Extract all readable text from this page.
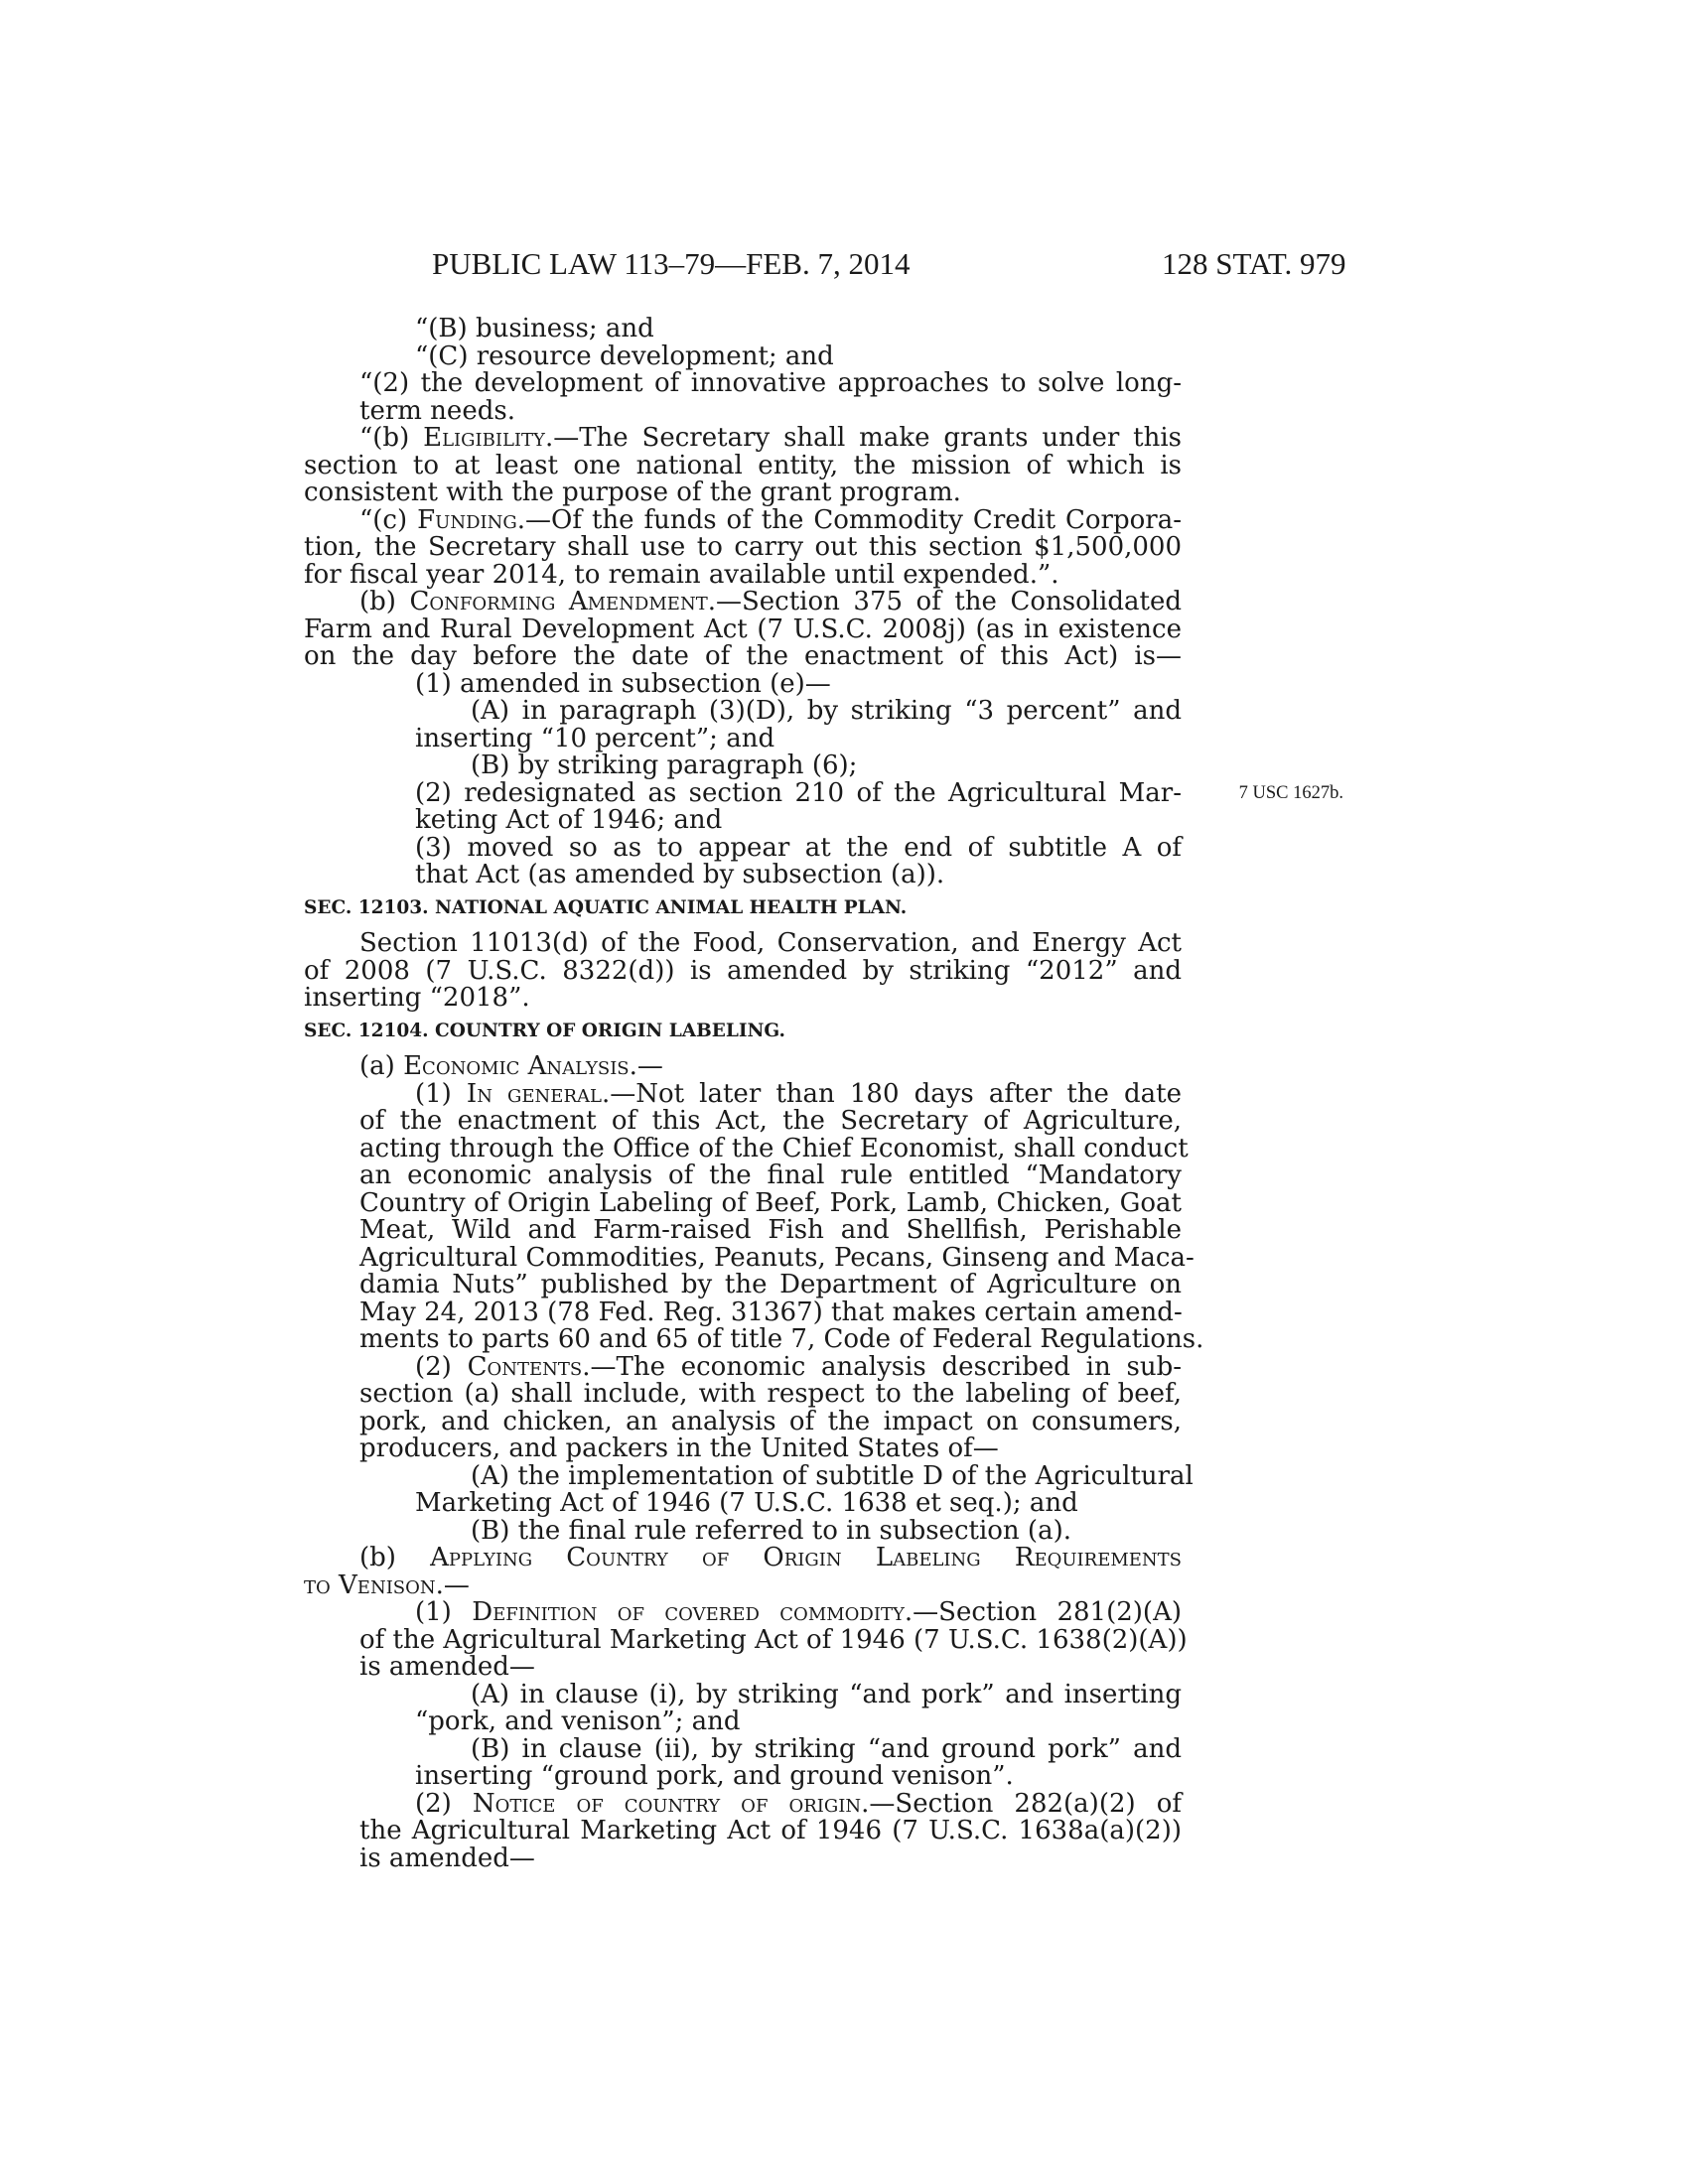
PUBLIC LAW 113–79—FEB. 7, 2014	128 STAT. 979
“(B) business; and
“(C) resource development; and
“(2) the development of innovative approaches to solve long-
term needs.
“(b) Eligibility.—The Secretary shall make grants under this
section to at least one national entity, the mission of which is
consistent with the purpose of the grant program.
“(c) Funding.—Of the funds of the Commodity Credit Corpora-
tion, the Secretary shall use to carry out this section $1,500,000
for fiscal year 2014, to remain available until expended.”.
(b) Conforming Amendment.—Section 375 of the Consolidated
Farm and Rural Development Act (7 U.S.C. 2008j) (as in existence
on the day before the date of the enactment of this Act) is—
(1) amended in subsection (e)—
(A) in paragraph (3)(D), by striking “3 percent” and
inserting “10 percent”; and
(B) by striking paragraph (6);
(2) redesignated as section 210 of the Agricultural Mar-	7 USC 1627b.
keting Act of 1946; and
(3) moved so as to appear at the end of subtitle A of
that Act (as amended by subsection (a)).
SEC. 12103. NATIONAL AQUATIC ANIMAL HEALTH PLAN.
Section 11013(d) of the Food, Conservation, and Energy Act
of 2008 (7 U.S.C. 8322(d)) is amended by striking “2012” and
inserting “2018”.
SEC. 12104. COUNTRY OF ORIGIN LABELING.
(a) Economic Analysis.—
(1) In general.—Not later than 180 days after the date
of the enactment of this Act, the Secretary of Agriculture,
acting through the Office of the Chief Economist, shall conduct
an economic analysis of the final rule entitled “Mandatory
Country of Origin Labeling of Beef, Pork, Lamb, Chicken, Goat
Meat, Wild and Farm-raised Fish and Shellfish, Perishable
Agricultural Commodities, Peanuts, Pecans, Ginseng and Maca-
damia Nuts” published by the Department of Agriculture on
May 24, 2013 (78 Fed. Reg. 31367) that makes certain amend-
ments to parts 60 and 65 of title 7, Code of Federal Regulations.
(2) Contents.—The economic analysis described in sub-
section (a) shall include, with respect to the labeling of beef,
pork, and chicken, an analysis of the impact on consumers,
producers, and packers in the United States of—
(A) the implementation of subtitle D of the Agricultural
Marketing Act of 1946 (7 U.S.C. 1638 et seq.); and
(B) the final rule referred to in subsection (a).
(b) Applying Country of Origin Labeling Requirements
to Venison.—
(1) Definition of covered commodity.—Section 281(2)(A)
of the Agricultural Marketing Act of 1946 (7 U.S.C. 1638(2)(A))
is amended—
(A) in clause (i), by striking “and pork” and inserting
“pork, and venison”; and
(B) in clause (ii), by striking “and ground pork” and
inserting “ground pork, and ground venison”.
(2) Notice of country of origin.—Section 282(a)(2) of
the Agricultural Marketing Act of 1946 (7 U.S.C. 1638a(a)(2))
is amended—
